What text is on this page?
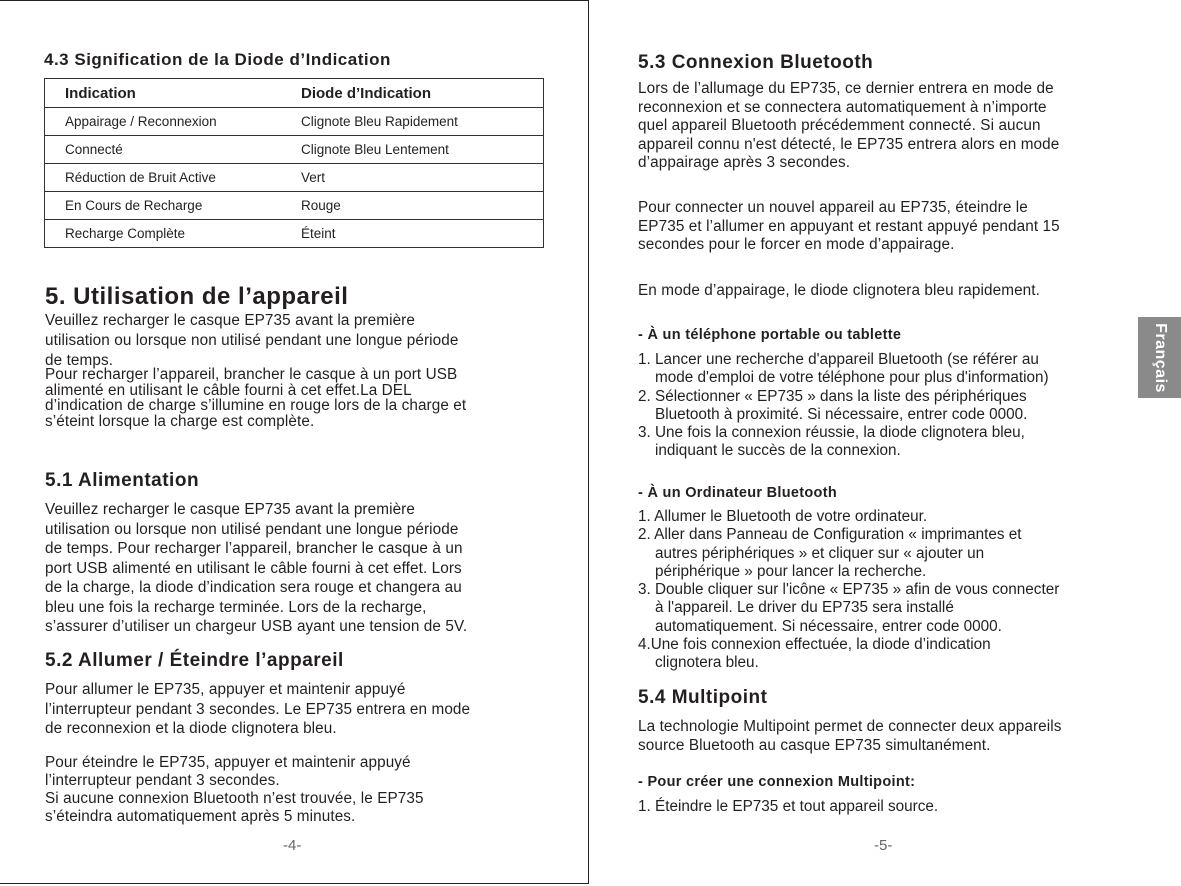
4.3 Signification de la Diode d’Indication
Indication	Diode d’Indication
Appairage / Reconnexion	Clignote Bleu Rapidement
Connecté	Clignote Bleu Lentement
Réduction de Bruit Active	Vert
En Cours de Recharge	Rouge
Recharge Complète	Éteint
5. Utilisation de l’appareil
Veuillez recharger le casque EP735 avant la première
utilisation ou lorsque non utilisé pendant une longue période
de temps.
Pour recharger l’appareil, brancher le casque à un port USB
alimenté en utilisant le câble fourni à cet effet.La DEL
d’indication de charge s’illumine en rouge lors de la charge et
s’éteint lorsque la charge est complète.
5.1 Alimentation
Veuillez recharger le casque EP735 avant la première
utilisation ou lorsque non utilisé pendant une longue période
de temps. Pour recharger l’appareil, brancher le casque à un
port USB alimenté en utilisant le câble fourni à cet effet. Lors
de la charge, la diode d’indication sera rouge et changera au
bleu une fois la recharge terminée. Lors de la recharge,
s’assurer d’utiliser un chargeur USB ayant une tension de 5V.
5.2 Allumer / Éteindre l’appareil
Pour allumer le EP735, appuyer et maintenir appuyé
l’interrupteur pendant 3 secondes. Le EP735 entrera en mode
de reconnexion et la diode clignotera bleu.
Pour éteindre le EP735, appuyer et maintenir appuyé
l’interrupteur pendant 3 secondes.
Si aucune connexion Bluetooth n’est trouvée, le EP735
s’éteindra automatiquement après 5 minutes.
-4-
5.3 Connexion Bluetooth
Lors de l’allumage du EP735, ce dernier entrera en mode de
reconnexion et se connectera automatiquement à n’importe
quel appareil Bluetooth précédemment connecté. Si aucun
appareil connu n'est détecté, le EP735 entrera alors en mode
d’appairage après 3 secondes.
Pour connecter un nouvel appareil au EP735, éteindre le
EP735 et l’allumer en appuyant et restant appuyé pendant 15
secondes pour le forcer en mode d’appairage.
En mode d’appairage, le diode clignotera bleu rapidement.
- À un téléphone portable ou tablette
1. Lancer une recherche d'appareil Bluetooth (se référer au
mode d'emploi de votre téléphone pour plus d'information)
2. Sélectionner « EP735 » dans la liste des périphériques
Bluetooth à proximité. Si nécessaire, entrer code 0000.
3. Une fois la connexion réussie, la diode clignotera bleu,
indiquant le succès de la connexion.
- À un Ordinateur Bluetooth
1. Allumer le Bluetooth de votre ordinateur.
2. Aller dans Panneau de Configuration « imprimantes et
autres périphériques » et cliquer sur « ajouter un
périphérique » pour lancer la recherche.
3. Double cliquer sur l'icône « EP735 » afin de vous connecter
à l'appareil. Le driver du EP735 sera installé
automatiquement. Si nécessaire, entrer code 0000.
4.Une fois connexion effectuée, la diode d’indication
clignotera bleu.
5.4 Multipoint
La technologie Multipoint permet de connecter deux appareils
source Bluetooth au casque EP735 simultanément.
- Pour créer une connexion Multipoint:
1. Éteindre le EP735 et tout appareil source.
-5-
Français
